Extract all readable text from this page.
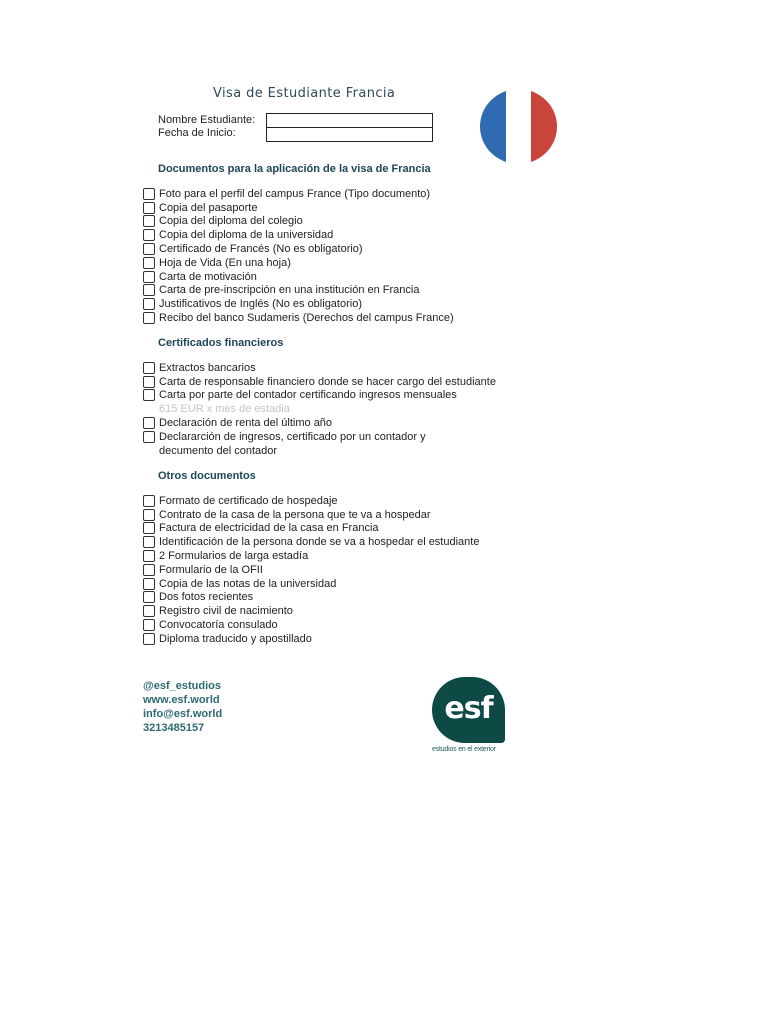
Visa de Estudiante Francia
Nombre Estudiante:
Fecha de Inicio:
Documentos para la aplicación de la visa de Francia
Foto para el perfil del campus France (Tipo documento)
Copia del pasaporte
Copia del diploma del colegio
Copia del diploma de la universidad
Certificado de Francés (No es obligatorio)
Hoja de Vida (En una hoja)
Carta de motivación
Carta de pre-inscripción en una institución en Francia
Justificativos de Inglés (No es obligatorio)
Recibo del banco Sudameris (Derechos del campus France)
Certificados financieros
Extractos bancarios
Carta de responsable financiero donde se hacer cargo del estudiante
Carta por parte del contador certificando ingresos mensuales
615 EUR x mes de estadia
Declaración de renta del último año
Declararción de ingresos, certificado por un contador y
decumento del contador
Otros documentos
Formato de certificado de hospedaje
Contrato de la casa de la persona que te va a hospedar
Factura de electricidad de la casa en Francia
Identificación de la persona donde se va a hospedar el estudiante
2 Formularios de larga estadía
Formulario de la OFII
Copia de las notas de la universidad
Dos fotos recientes
Registro civil de nacimiento
Convocatoría consulado
Diploma traducido y apostillado
@esf_estudios
www.esf.world
info@esf.world
3213485157
esf
estudios en el exterior
